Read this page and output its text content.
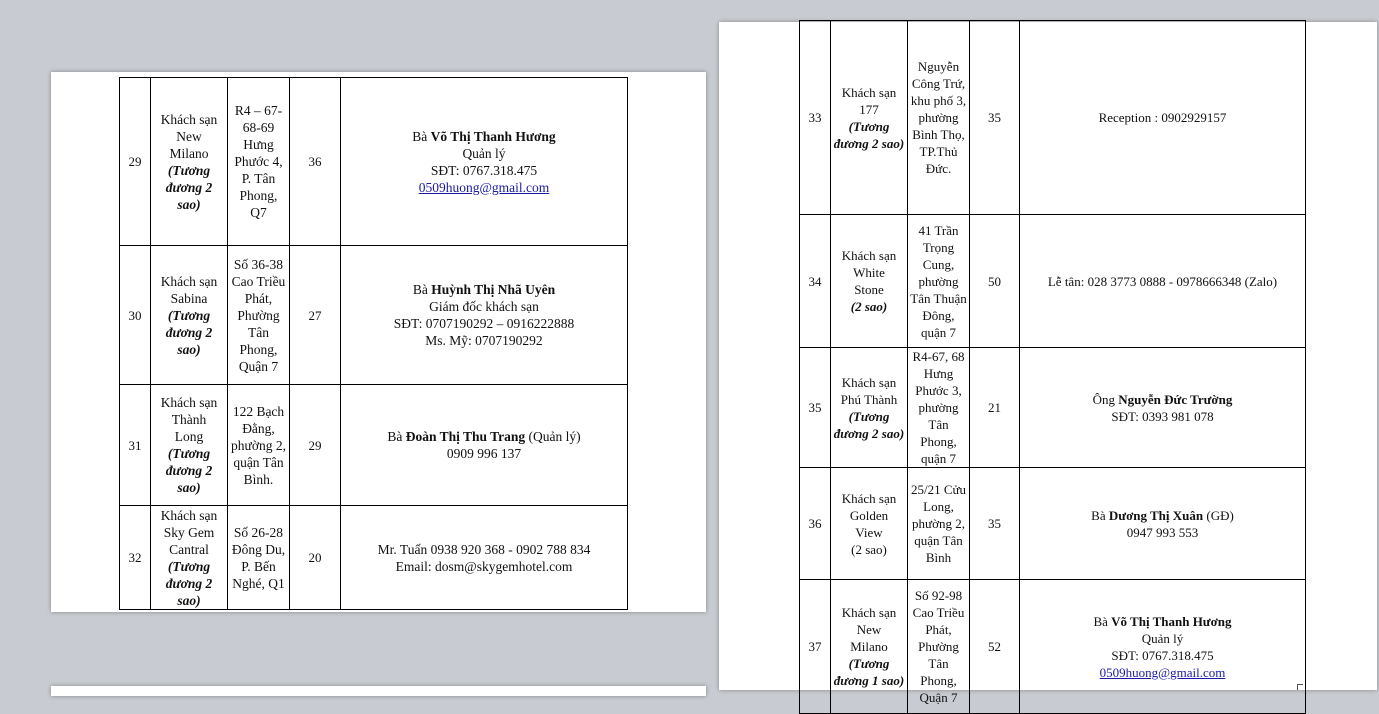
29	Khách sạn
New
Milano
(Tương đương 2 sao)	R4 – 67-68-69 Hưng Phước 4, P. Tân Phong, Q7	36	Bà Võ Thị Thanh Hương
Quản lý
SĐT: 0767.318.475
0509huong@gmail.com

30	Khách sạn
Sabina
(Tương đương 2 sao)	Số 36-38 Cao Triều Phát, Phường Tân Phong, Quận 7	27	Bà Huỳnh Thị Nhã Uyên
Giám đốc khách sạn
SĐT: 0707190292 – 0916222888
Ms. Mỹ: 0707190292

31	Khách sạn
Thành
Long
(Tương đương 2 sao)	122 Bạch Đằng, phường 2, quận Tân Bình.	29	Bà Đoàn Thị Thu Trang (Quản lý)
0909 996 137

32	Khách sạn
Sky Gem
Cantral
(Tương đương 2 sao)	Số 26-28 Đông Du, P. Bến Nghé, Q1	20	Mr. Tuấn 0938 920 368 - 0902 788 834
Email: dosm@skygemhotel.com
33	Khách sạn
177
(Tương đương 2 sao)	Nguyễn Công Trứ, khu phố 3, phường Bình Thọ, TP.Thủ Đức.	35	Reception : 0902929157

34	Khách sạn
White
Stone
(2 sao)	41 Trần Trọng Cung, phường Tân Thuận Đông, quận 7	50	Lễ tân: 028 3773 0888 - 0978666348 (Zalo)

35	Khách sạn
Phú Thành
(Tương đương 2 sao)	R4-67, 68 Hưng Phước 3, phường Tân Phong, quận 7	21	Ông Nguyễn Đức Trường
SĐT: 0393 981 078

36	Khách sạn
Golden
View
(2 sao)	25/21 Cửu Long, phường 2, quận Tân Bình	35	Bà Dương Thị Xuân (GĐ)
0947 993 553

37	Khách sạn
New
Milano
(Tương đương 1 sao)	Số 92-98 Cao Triều Phát, Phường Tân Phong, Quận 7	52	Bà Võ Thị Thanh Hương
Quản lý
SĐT: 0767.318.475
0509huong@gmail.com
